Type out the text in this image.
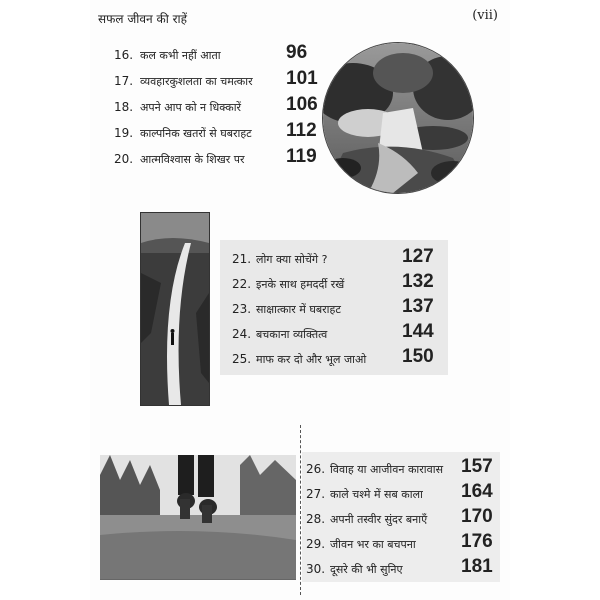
सफल जीवन की राहें	(vii)
16. कल कभी नहीं आता	96
17. व्यवहारकुशलता का चमत्कार 101
18. अपने आप को न धिक्कारें 106
19. काल्पनिक खतरों से घबराहट 112
20. आत्मविश्वास के शिखर पर 119
21. लोग क्या सोचेंगे ?	127
22. इनके साथ हमदर्दी रखें	132
23. साक्षात्कार में घबराहट	137
24. बचकाना व्यक्तित्व	144
25. माफ कर दो और भूल जाओ 150
26. विवाह या आजीवन कारावास 157
27. काले चश्मे में सब काला 164
28. अपनी तस्वीर सुंदर बनाएँ 170
29. जीवन भर का बचपना 176
30. दूसरे की भी सुनिए	181
